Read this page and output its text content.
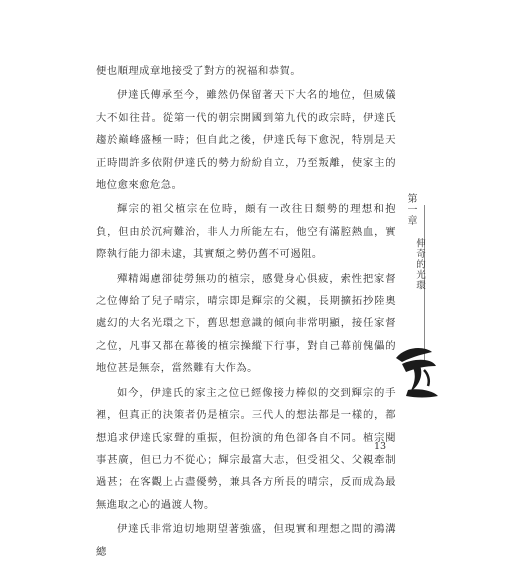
便也順理成章地接受了對方的祝福和恭賀。

伊達氏傳承至今，雖然仍保留著天下大名的地位，但威儀大不如往昔。從第一代的朝宗開國到第九代的政宗時，伊達氏趨於巔峰盛極一時；但自此之後，伊達氏每下愈況，特別是天正時間許多依附伊達氏的勢力紛紛自立，乃至叛離，使家主的地位愈來愈危急。

輝宗的祖父植宗在位時，頗有一改往日頹勢的理想和抱負，但由於沉疴難治，非人力所能左右，他空有滿腔熱血，實際執行能力卻未逮，其實頹之勢仍舊不可遏阻。

殫精竭慮卻徒勞無功的植宗，感覺身心俱疲，索性把家督之位傳給了兒子晴宗，晴宗即是輝宗的父親，長期擴拓抄陸奧處幻的大名光環之下，舊思想意識的傾向非常明顯，接任家督之位，凡事又都在幕後的植宗操縱下行事，對自己幕前傀儡的地位甚是無奈，當然難有大作為。

如今，伊達氏的家主之位已經像接力棒似的交到輝宗的手裡，但真正的決策者仍是植宗。三代人的想法都是一樣的，都想追求伊達氏家聲的重振，但扮演的角色卻各自不同。植宗閱事甚廣，但已力不從心；輝宗最富大志，但受祖父、父親牽制過甚；在客觀上占盡優勢，兼具各方所長的晴宗，反而成為最無進取之心的過渡人物。

伊達氏非常迫切地期望著強盛，但現實和理想之間的鴻溝總

第一章
伸奇的光環
13
